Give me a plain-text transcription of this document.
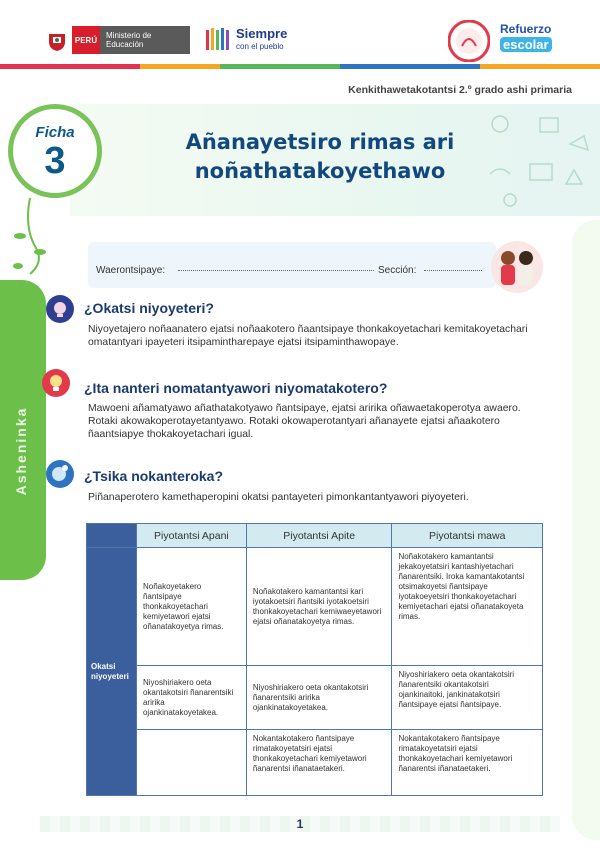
PERÚ	Ministerio de Educación
Siempre
con el pueblo
Refuerzo
escolar
Kenkithawetakotantsi 2.º grado ashi primaria
Ficha
3	Añanayetsiro rimas ari
noñathatakoyethawo
Asheninka
Waerontsipaye:	Sección:
¿Okatsi niyoyeteri?
Niyoyetajero noñaanatero ejatsi noñaakotero ñaantsipaye thonkakoyetachari kemitakoyetachari omatantyari ipayeteri itsipamintharepaye ejatsi itsipaminthawopaye.
¿Ita nanteri nomatantyawori niyomatakotero?
Mawoeni añamatyawo añathatakotyawo ñantsipaye, ejatsi aririka oñawaetakoperotya awaero. Rotaki akowakoperotayetantyawo. Rotaki okowaperotantyari añanayete ejatsi añaakotero ñaantsiapye thokakoyetachari igual.
¿Tsika nokanteroka?
Piñanaperotero kamethaperopini okatsi pantayeteri pimonkantantyawori piyoyeteri.
	Piyotantsi Apani	Piyotantsi Apite	Piyotantsi mawa
Okatsi niyoyeteri	Noñakoyetakero ñantsipaye thonkakoyetachari kemiyetawori ejatsi oñanatakoyetya rimas.	Noñakotakero kamantantsi kari iyotakoetsiri ñantsiki iyotakoetsiri thonkakoyetachari kemiwaeyetawori ejatsi oñanatakoyetya rimas.	Noñakotakero kamantantsi jekakoyetatsiri kantashiyetachari ñanarentsiki. Iroka kamantakotantsi otsimakoyetsi ñantsipaye iyotakoeyetsiri thonkakoyetachari kemiyetachari ejatsi oñanatakoyeta rimas.
	Niyoshiriakero oeta okantakotsiri ñanarentsiki aririka ojankinatakoyetakea.	Niyoshiriakero oeta okantakotsiri ñanarentsiki aririka ojankinatakoyetakea.	Niyoshiriakero oeta okantakotsiri ñanarentsiki okantakotsiri ojankinaitoki, jankinatakotsiri ñantsipaye ejatsi ñantsipaye.
		Nokantakotakero ñantsipaye rimatakoyetatsiri ejatsi thonkakoyetachari kemiyetawori ñanarentsi iñanataetakeri.	Nokantakotakero ñantsipaye rimatakoyetatsiri ejatsi thonkakoyetachari kemiyetawori ñanarentsi iñanataetakeri.
1
